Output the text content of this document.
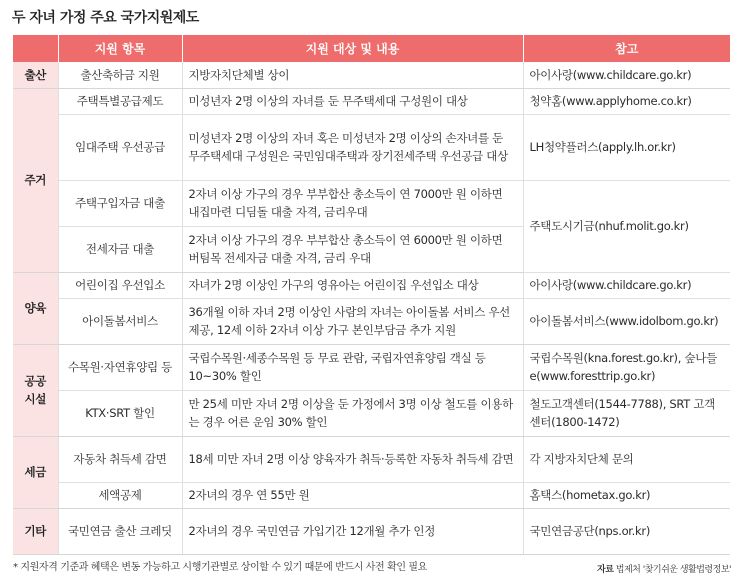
두 자녀 가정 주요 국가지원제도
	지원 항목	지원 대상 및 내용	참고
출산	출산축하금 지원	지방자치단체별 상이	아이사랑(www.childcare.go.kr)
주거	주택특별공급제도	미성년자 2명 이상의 자녀를 둔 무주택세대 구성원이 대상	청약홈(www.applyhome.co.kr)
	임대주택 우선공급	미성년자 2명 이상의 자녀 혹은 미성년자 2명 이상의 손자녀를 둔 무주택세대 구성원은 국민임대주택과 장기전세주택 우선공급 대상	LH청약플러스(apply.lh.or.kr)
	주택구입자금 대출	2자녀 이상 가구의 경우 부부합산 총소득이 연 7000만 원 이하면 내집마련 디딤돌 대출 자격, 금리우대	주택도시기금(nhuf.molit.go.kr)
	전세자금 대출	2자녀 이상 가구의 경우 부부합산 총소득이 연 6000만 원 이하면 버팀목 전세자금 대출 자격, 금리 우대	
양육	어린이집 우선입소	자녀가 2명 이상인 가구의 영유아는 어린이집 우선입소 대상	아이사랑(www.childcare.go.kr)
	아이돌봄서비스	36개월 이하 자녀 2명 이상인 사람의 자녀는 아이돌봄 서비스 우선 제공, 12세 이하 2자녀 이상 가구 본인부담금 추가 지원	아이돌봄서비스(www.idolbom.go.kr)
공공
시설	수목원·자연휴양림 등	국립수목원·세종수목원 등 무료 관람, 국립자연휴양림 객실 등 10~30% 할인	국립수목원(kna.forest.go.kr), 숲나들e(www.foresttrip.go.kr)
	KTX·SRT 할인	만 25세 미만 자녀 2명 이상을 둔 가정에서 3명 이상 철도를 이용하는 경우 어른 운임 30% 할인	철도고객센터(1544-7788), SRT 고객센터(1800-1472)
세금	자동차 취득세 감면	18세 미만 자녀 2명 이상 양육자가 취득·등록한 자동차 취득세 감면	각 지방자치단체 문의
	세액공제	2자녀의 경우 연 55만 원	홈택스(hometax.go.kr)
기타	국민연금 출산 크레딧	2자녀의 경우 국민연금 가입기간 12개월 추가 인정	국민연금공단(nps.or.kr)
* 지원자격 기준과 혜택은 변동 가능하고 시행기관별로 상이할 수 있기 때문에 반드시 사전 확인 필요	자료 법제처 '찾기쉬운 생활법령정보'
